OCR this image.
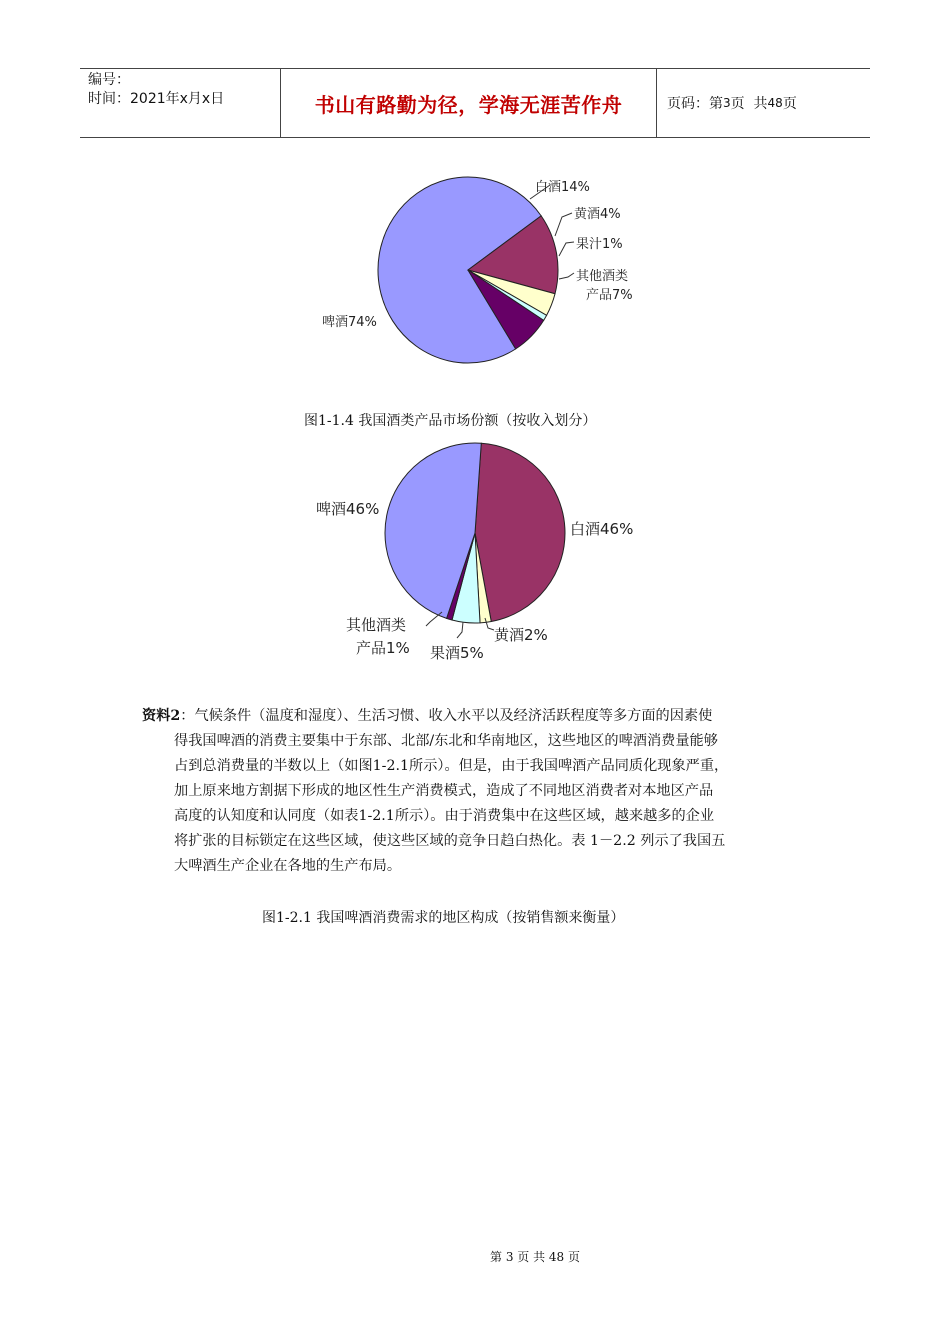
编号：
时间：2021年x月x日	书山有路勤为径，学海无涯苦作舟	页码：第 3 页  共 48 页
白酒14%
黄酒4%
果汁1%
其他酒类
产品7%
啤酒74%
图1-1.4 我国酒类产品市场份额（按收入划分）
啤酒46%
白酒46%
其他酒类
产品1% 果酒5%
黄酒2%
资料2：气候条件（温度和湿度）、生活习惯、收入水平以及经济活跃程度等多方面的因素使
得我国啤酒的消费主要集中于东部、北部/东北和华南地区，这些地区的啤酒消费量能够
占到总消费量的半数以上（如图1-2.1所示）。但是，由于我国啤酒产品同质化现象严重，
加上原来地方割据下形成的地区性生产消费模式，造成了不同地区消费者对本地区产品
高度的认知度和认同度（如表1-2.1所示）。由于消费集中在这些区域，越来越多的企业
将扩张的目标锁定在这些区域，使这些区域的竞争日趋白热化。表 1－2.2 列示了我国五
大啤酒生产企业在各地的生产布局。
图1-2.1 我国啤酒消费需求的地区构成（按销售额来衡量）
第 3 页 共 48 页
